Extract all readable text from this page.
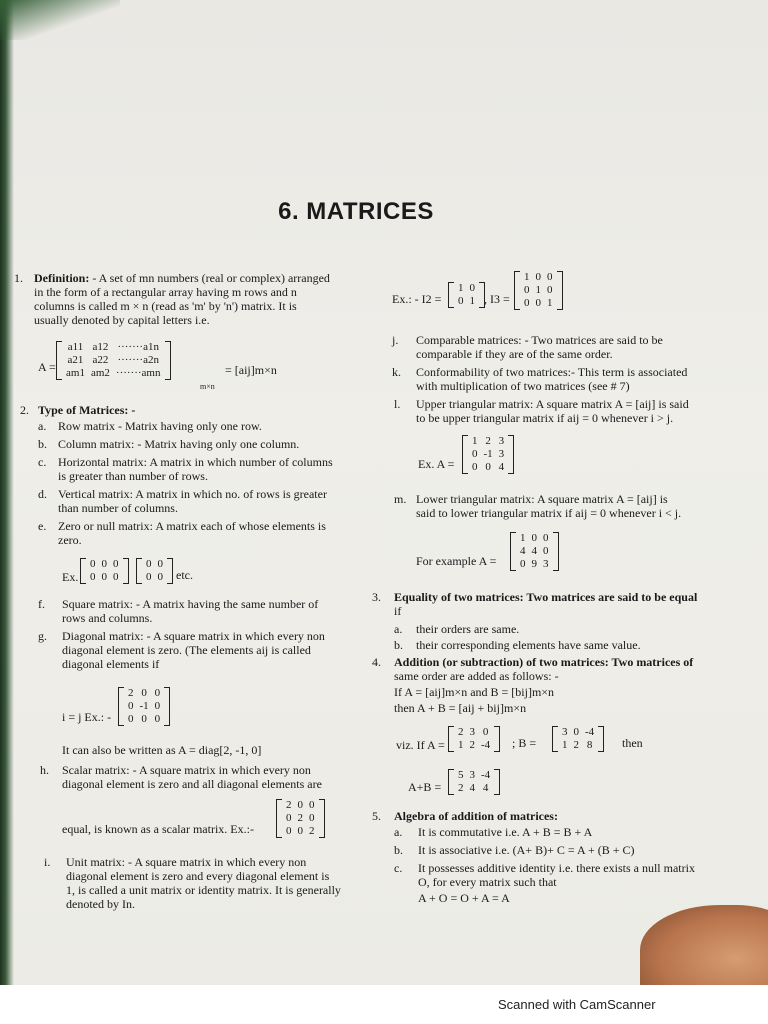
6. MATRICES
1. Definition: - A set of mn numbers (real or complex) arranged
in the form of a rectangular array having m rows and n
columns is called m × n (read as 'm' by 'n') matrix. It is
usually denoted by capital letters i.e.
A =
a11	a12	·······a1n
a21	a22	·······a2n
am1	am2	·······amn
m×n
= [aij]m×n
2. Type of Matrices: -
a. Row matrix - Matrix having only one row.
b. Column matrix: - Matrix having only one column.
c. Horizontal matrix: A matrix in which number of columns
is greater than number of rows.
d. Vertical matrix: A matrix in which no. of rows is greater
than number of columns.
e. Zero or null matrix: A matrix each of whose elements is
zero.
Ex.
0	0	0
0	0	0
0	0
0	0 etc.
f. Square matrix: - A matrix having the same number of
rows and columns.
g. Diagonal matrix: - A square matrix in which every non
diagonal element is zero. (The elements aij is called
diagonal elements if
i = j Ex.: -
2	0	0
0	-1	0
0	0	0
It can also be written as A = diag[2, -1, 0]
h. Scalar matrix: - A square matrix in which every non
diagonal element is zero and all diagonal elements are
2	0	0
0	2	0
0	0	2
equal, is known as a scalar matrix. Ex.:-
i. Unit matrix: - A square matrix in which every non
diagonal element is zero and every diagonal element is
1, is called a unit matrix or identity matrix. It is generally
denoted by In.
Ex.: - I2 =
1	0
0	1 , I3 =
1	0	0
0	1	0
0	0	1
j. Comparable matrices: - Two matrices are said to be
comparable if they are of the same order.
k. Conformability of two matrices:- This term is associated
with multiplication of two matrices (see # 7)
l. Upper triangular matrix: A square matrix A = [aij] is said
to be upper triangular matrix if aij = 0 whenever i > j.
Ex. A =
1	2	3
0	-1	3
0	0	4
m. Lower triangular matrix: A square matrix A = [aij] is
said to lower triangular matrix if aij = 0 whenever i < j.
For example A =
1	0	0
4	4	0
0	9	3
3. Equality of two matrices: Two matrices are said to be equal
if
a. their orders are same.
b. their corresponding elements have same value.
4. Addition (or subtraction) of two matrices: Two matrices of
same order are added as follows: -
If A = [aij]m×n and B = [bij]m×n
then A + B = [aij + bij]m×n
viz. If A =
2	3	0
1	2	-4 ; B =
3	0	-4
1	2	8 then
A+B =
5	3	-4
2	4	4
5. Algebra of addition of matrices:
a. It is commutative i.e. A + B = B + A
b. It is associative i.e. (A+ B)+ C = A + (B + C)
c. It possesses additive identity i.e. there exists a null matrix
O, for every matrix such that
A + O = O + A = A
Scanned with CamScanner
